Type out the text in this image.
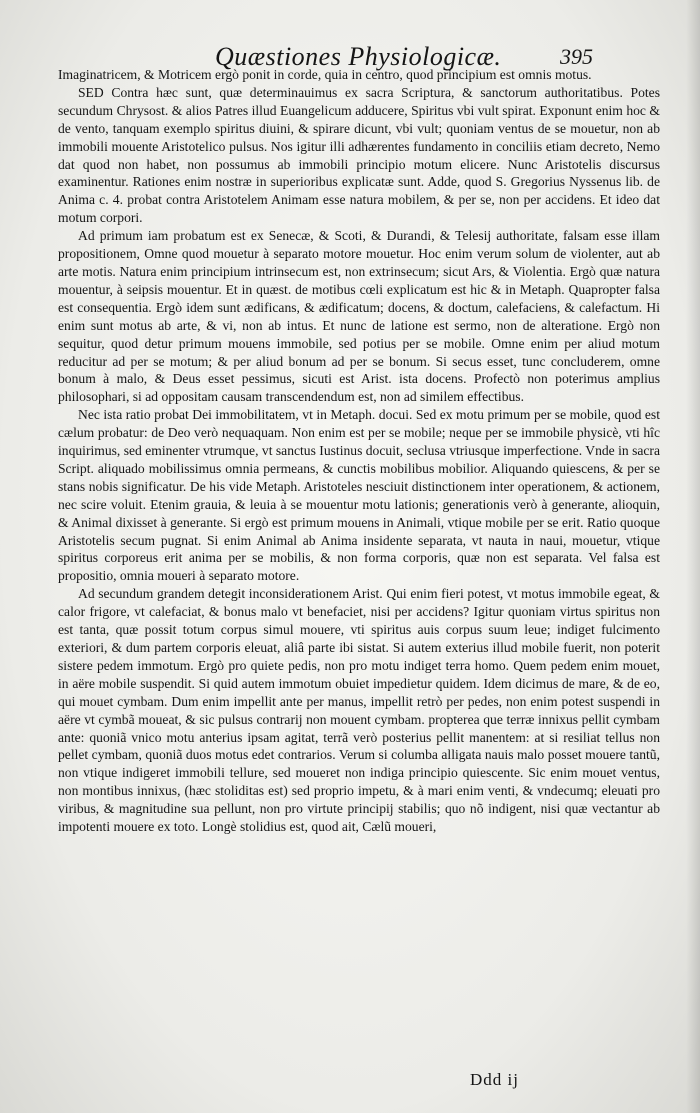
Quæstiones Physiologicæ.	395

Imaginatricem, & Motricem ergò ponit in corde, quia in centro, quod principium est omnis motus.

SED Contra hæc sunt, quæ determinauimus ex sacra Scriptura, & sanctorum authoritatibus. Potes secundum Chrysost. & alios Patres illud Euangelicum adducere, Spiritus vbi vult spirat. Exponunt enim hoc & de vento, tanquam exemplo spiritus diuini, & spirare dicunt, vbi vult; quoniam ventus de se mouetur, non ab immobili mouente Aristotelico pulsus. Nos igitur illi adhærentes fundamento in conciliis etiam decreto, Nemo dat quod non habet, non possumus ab immobili principio motum elicere. Nunc Aristotelis discursus examinentur. Rationes enim nostræ in superioribus explicatæ sunt. Adde, quod S. Gregorius Nyssenus lib. de Anima c. 4. probat contra Aristotelem Animam esse natura mobilem, & per se, non per accidens. Et ideo dat motum corpori.

Ad primum iam probatum est ex Senecæ, & Scoti, & Durandi, & Telesij authoritate, falsam esse illam propositionem, Omne quod mouetur à separato motore mouetur. Hoc enim verum solum de violenter, aut ab arte motis. Natura enim principium intrinsecum est, non extrinsecum; sicut Ars, & Violentia. Ergò quæ natura mouentur, à seipsis mouentur. Et in quæst. de motibus cœli explicatum est hic & in Metaph. Quapropter falsa est consequentia. Ergò idem sunt ædificans, & ædificatum; docens, & doctum, calefaciens, & calefactum. Hi enim sunt motus ab arte, & vi, non ab intus. Et nunc de latione est sermo, non de alteratione. Ergò non sequitur, quod detur primum mouens immobile, sed potius per se mobile. Omne enim per aliud motum reducitur ad per se motum; & per aliud bonum ad per se bonum. Si secus esset, tunc concluderem, omne bonum à malo, & Deus esset pessimus, sicuti est Arist. ista docens. Profectò non poterimus amplius philosophari, si ad oppositam causam transcendendum est, non ad similem effectibus.

Nec ista ratio probat Dei immobilitatem, vt in Metaph. docui. Sed ex motu primum per se mobile, quod est cælum probatur: de Deo verò nequaquam. Non enim est per se mobile; neque per se immobile physicè, vti hîc inquirimus, sed eminenter vtrumque, vt sanctus Iustinus docuit, seclusa vtriusque imperfectione. Vnde in sacra Script. aliquado mobilissimus omnia permeans, & cunctis mobilibus mobilior. Aliquando quiescens, & per se stans nobis significatur. De his vide Metaph. Aristoteles nesciuit distinctionem inter operationem, & actionem, nec scire voluit. Etenim grauia, & leuia à se mouentur motu lationis; generationis verò à generante, alioquin, & Animal dixisset à generante. Si ergò est primum mouens in Animali, vtique mobile per se erit. Ratio quoque Aristotelis secum pugnat. Si enim Animal ab Anima insidente separata, vt nauta in naui, mouetur, vtique spiritus corporeus erit anima per se mobilis, & non forma corporis, quæ non est separata. Vel falsa est propositio, omnia moueri à separato motore.

Ad secundum grandem detegit inconsiderationem Arist. Qui enim fieri potest, vt motus immobile egeat, & calor frigore, vt calefaciat, & bonus malo vt benefaciet, nisi per accidens? Igitur quoniam virtus spiritus non est tanta, quæ possit totum corpus simul mouere, vti spiritus auis corpus suum leue; indiget fulcimento exteriori, & dum partem corporis eleuat, aliâ parte ibi sistat. Si autem exterius illud mobile fuerit, non poterit sistere pedem immotum. Ergò pro quiete pedis, non pro motu indiget terra homo. Quem pedem enim mouet, in aëre mobile suspendit. Si quid autem immotum obuiet impedietur quidem. Idem dicimus de mare, & de eo, qui mouet cymbam. Dum enim impellit ante per manus, impellit retrò per pedes, non enim potest suspendi in aëre vt cymbã moueat, & sic pulsus contrarij non mouent cymbam. propterea que terræ innixus pellit cymbam ante: quoniã vnico motu anterius ipsam agitat, terrã verò posterius pellit manentem: at si resiliat tellus non pellet cymbam, quoniã duos motus edet contrarios. Verum si columba alligata nauis malo posset mouere tantũ, non vtique indigeret immobili tellure, sed moueret non indiga principio quiescente. Sic enim mouet ventus, non montibus innixus, (hæc stoliditas est) sed proprio impetu, & à mari enim venti, & vndecumq; eleuati pro viribus, & magnitudine sua pellunt, non pro virtute principij stabilis; quo nõ indigent, nisi quæ vectantur ab impotenti mouere ex toto. Longè stolidius est, quod ait, Cælũ moueri,

Ddd ij
